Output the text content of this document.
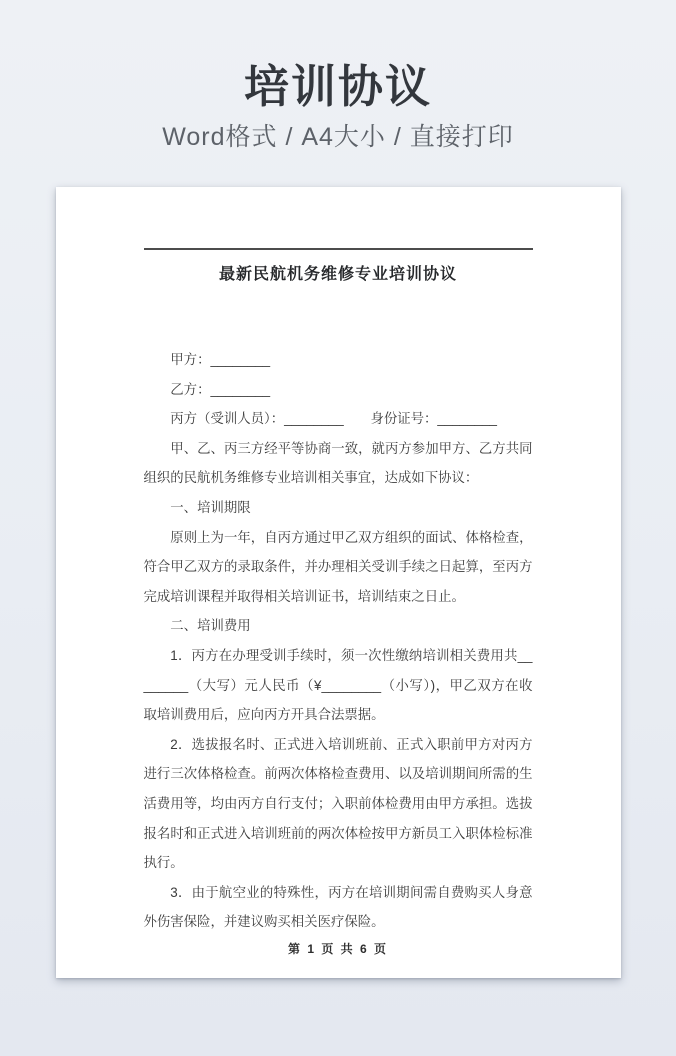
培训协议
Word格式 / A4大小 / 直接打印
最新民航机务维修专业培训协议

甲方：________

乙方：________

丙方（受训人员）：________　　身份证号：________

甲、乙、丙三方经平等协商一致，就丙方参加甲方、乙方共同组织的民航机务维修专业培训相关事宜，达成如下协议：

一、培训期限

原则上为一年，自丙方通过甲乙双方组织的面试、体格检查，符合甲乙双方的录取条件，并办理相关受训手续之日起算，至丙方完成培训课程并取得相关培训证书，培训结束之日止。

二、培训费用

1．丙方在办理受训手续时，须一次性缴纳培训相关费用共________（大写）元人民币（¥________（小写）)，甲乙双方在收取培训费用后，应向丙方开具合法票据。

2．选拔报名时、正式进入培训班前、正式入职前甲方对丙方进行三次体格检查。前两次体格检查费用、以及培训期间所需的生活费用等，均由丙方自行支付；入职前体检费用由甲方承担。选拔报名时和正式进入培训班前的两次体检按甲方新员工入职体检标准执行。

3．由于航空业的特殊性，丙方在培训期间需自费购买人身意外伤害保险，并建议购买相关医疗保险。

第 1 页 共 6 页
